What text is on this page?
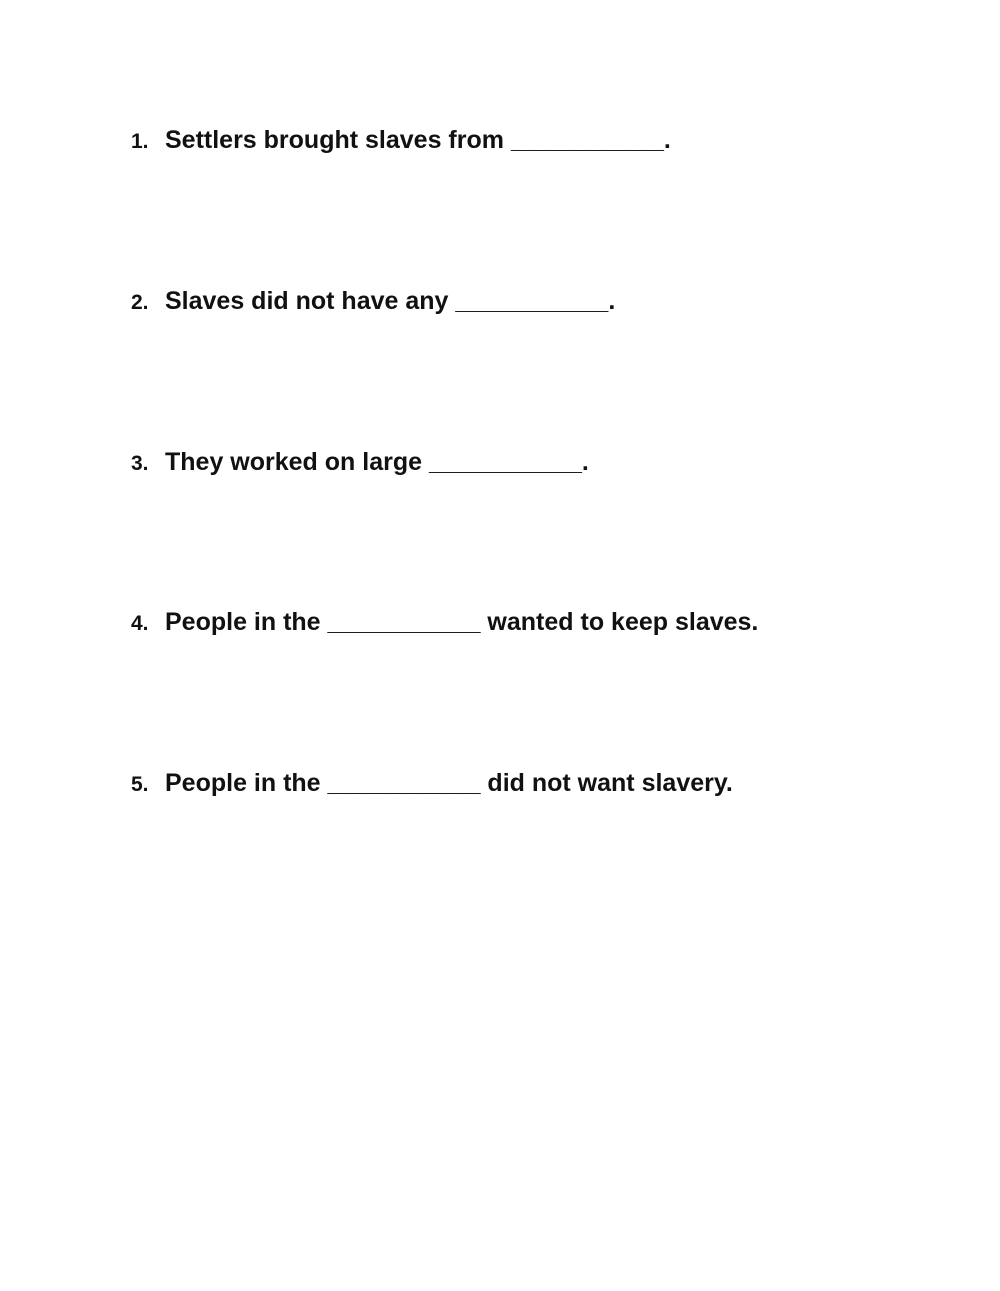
1. Settlers brought slaves from ___________ .
2. Slaves did not have any ___________ .
3. They worked on large ___________ .
4. People in the ___________ wanted to keep slaves.
5. People in the ___________ did not want slavery.
